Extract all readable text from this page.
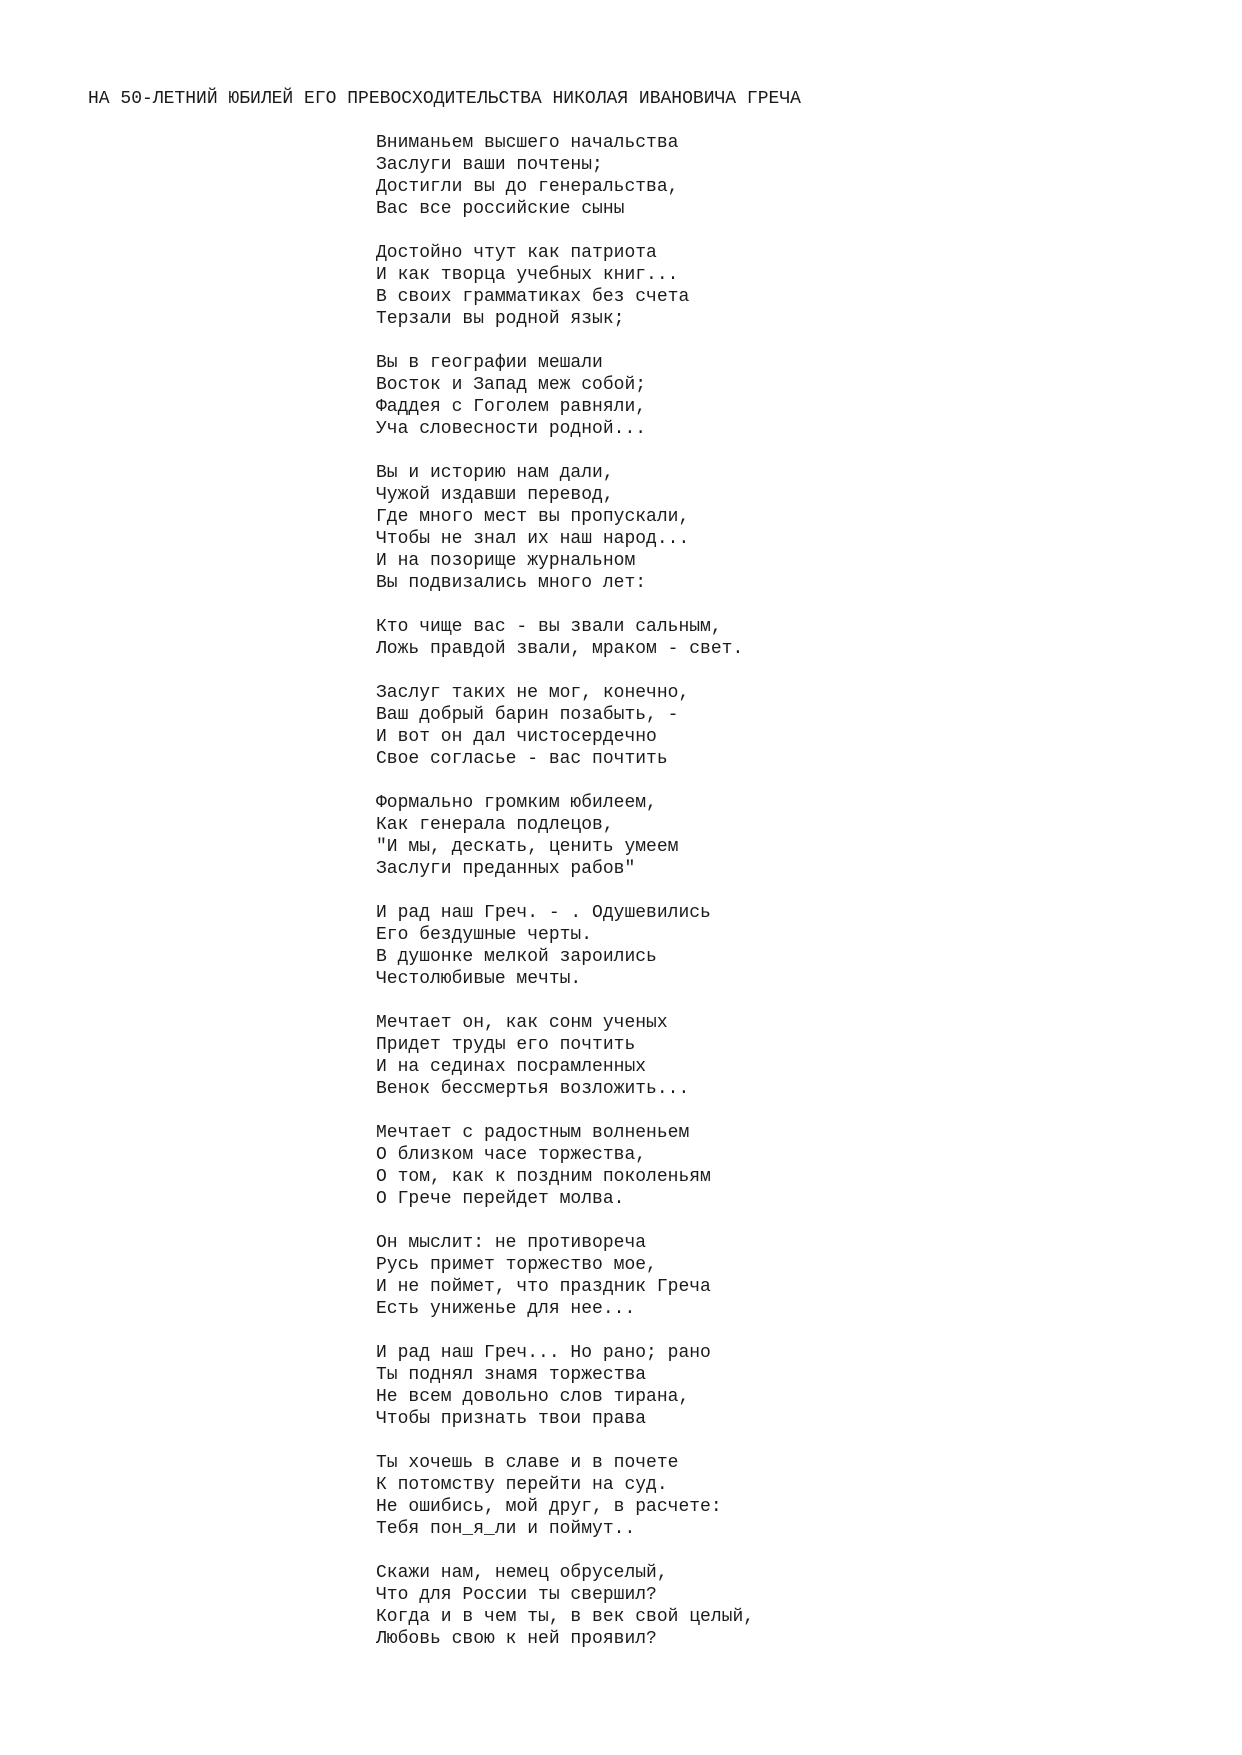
НА 50-ЛЕТНИЙ ЮБИЛЕЙ ЕГО ПРЕВОСХОДИТЕЛЬСТВА НИКОЛАЯ ИВАНОВИЧА ГРЕЧА
Вниманьем высшего начальства
Заслуги ваши почтены;
Достигли вы до генеральства,
Вас все российские сыны
Достойно чтут как патриота
И как творца учебных книг...
В своих грамматиках без счета
Терзали вы родной язык;
Вы в географии мешали
Восток и Запад меж собой;
Фаддея с Гоголем равняли,
Уча словесности родной...
Вы и историю нам дали,
Чужой издавши перевод,
Где много мест вы пропускали,
Чтобы не знал их наш народ...
И на позорище журнальном
Вы подвизались много лет:
Кто чище вас - вы звали сальным,
Ложь правдой звали, мраком - свет.
Заслуг таких не мог, конечно,
Ваш добрый барин позабыть, -
И вот он дал чистосердечно
Свое согласье - вас почтить
Формально громким юбилеем,
Как генерала подлецов,
"И мы, дескать, ценить умеем
Заслуги преданных рабов"
И рад наш Греч. - . Одушевились
Его бездушные черты.
В душонке мелкой зароились
Честолюбивые мечты.
Мечтает он, как сонм ученых
Придет труды его почтить
И на сединах посрамленных
Венок бессмертья возложить...
Мечтает с радостным волненьем
О близком часе торжества,
О том, как к поздним поколеньям
О Грече перейдет молва.
Он мыслит: не противореча
Русь примет торжество мое,
И не поймет, что праздник Греча
Есть униженье для нее...
И рад наш Греч... Но рано; рано
Ты поднял знамя торжества
Не всем довольно слов тирана,
Чтобы признать твои права
Ты хочешь в славе и в почете
К потомству перейти на суд.
Не ошибись, мой друг, в расчете:
Тебя пон_я_ли и поймут..
Скажи нам, немец обруселый,
Что для России ты свершил?
Когда и в чем ты, в век свой целый,
Любовь свою к ней проявил?
